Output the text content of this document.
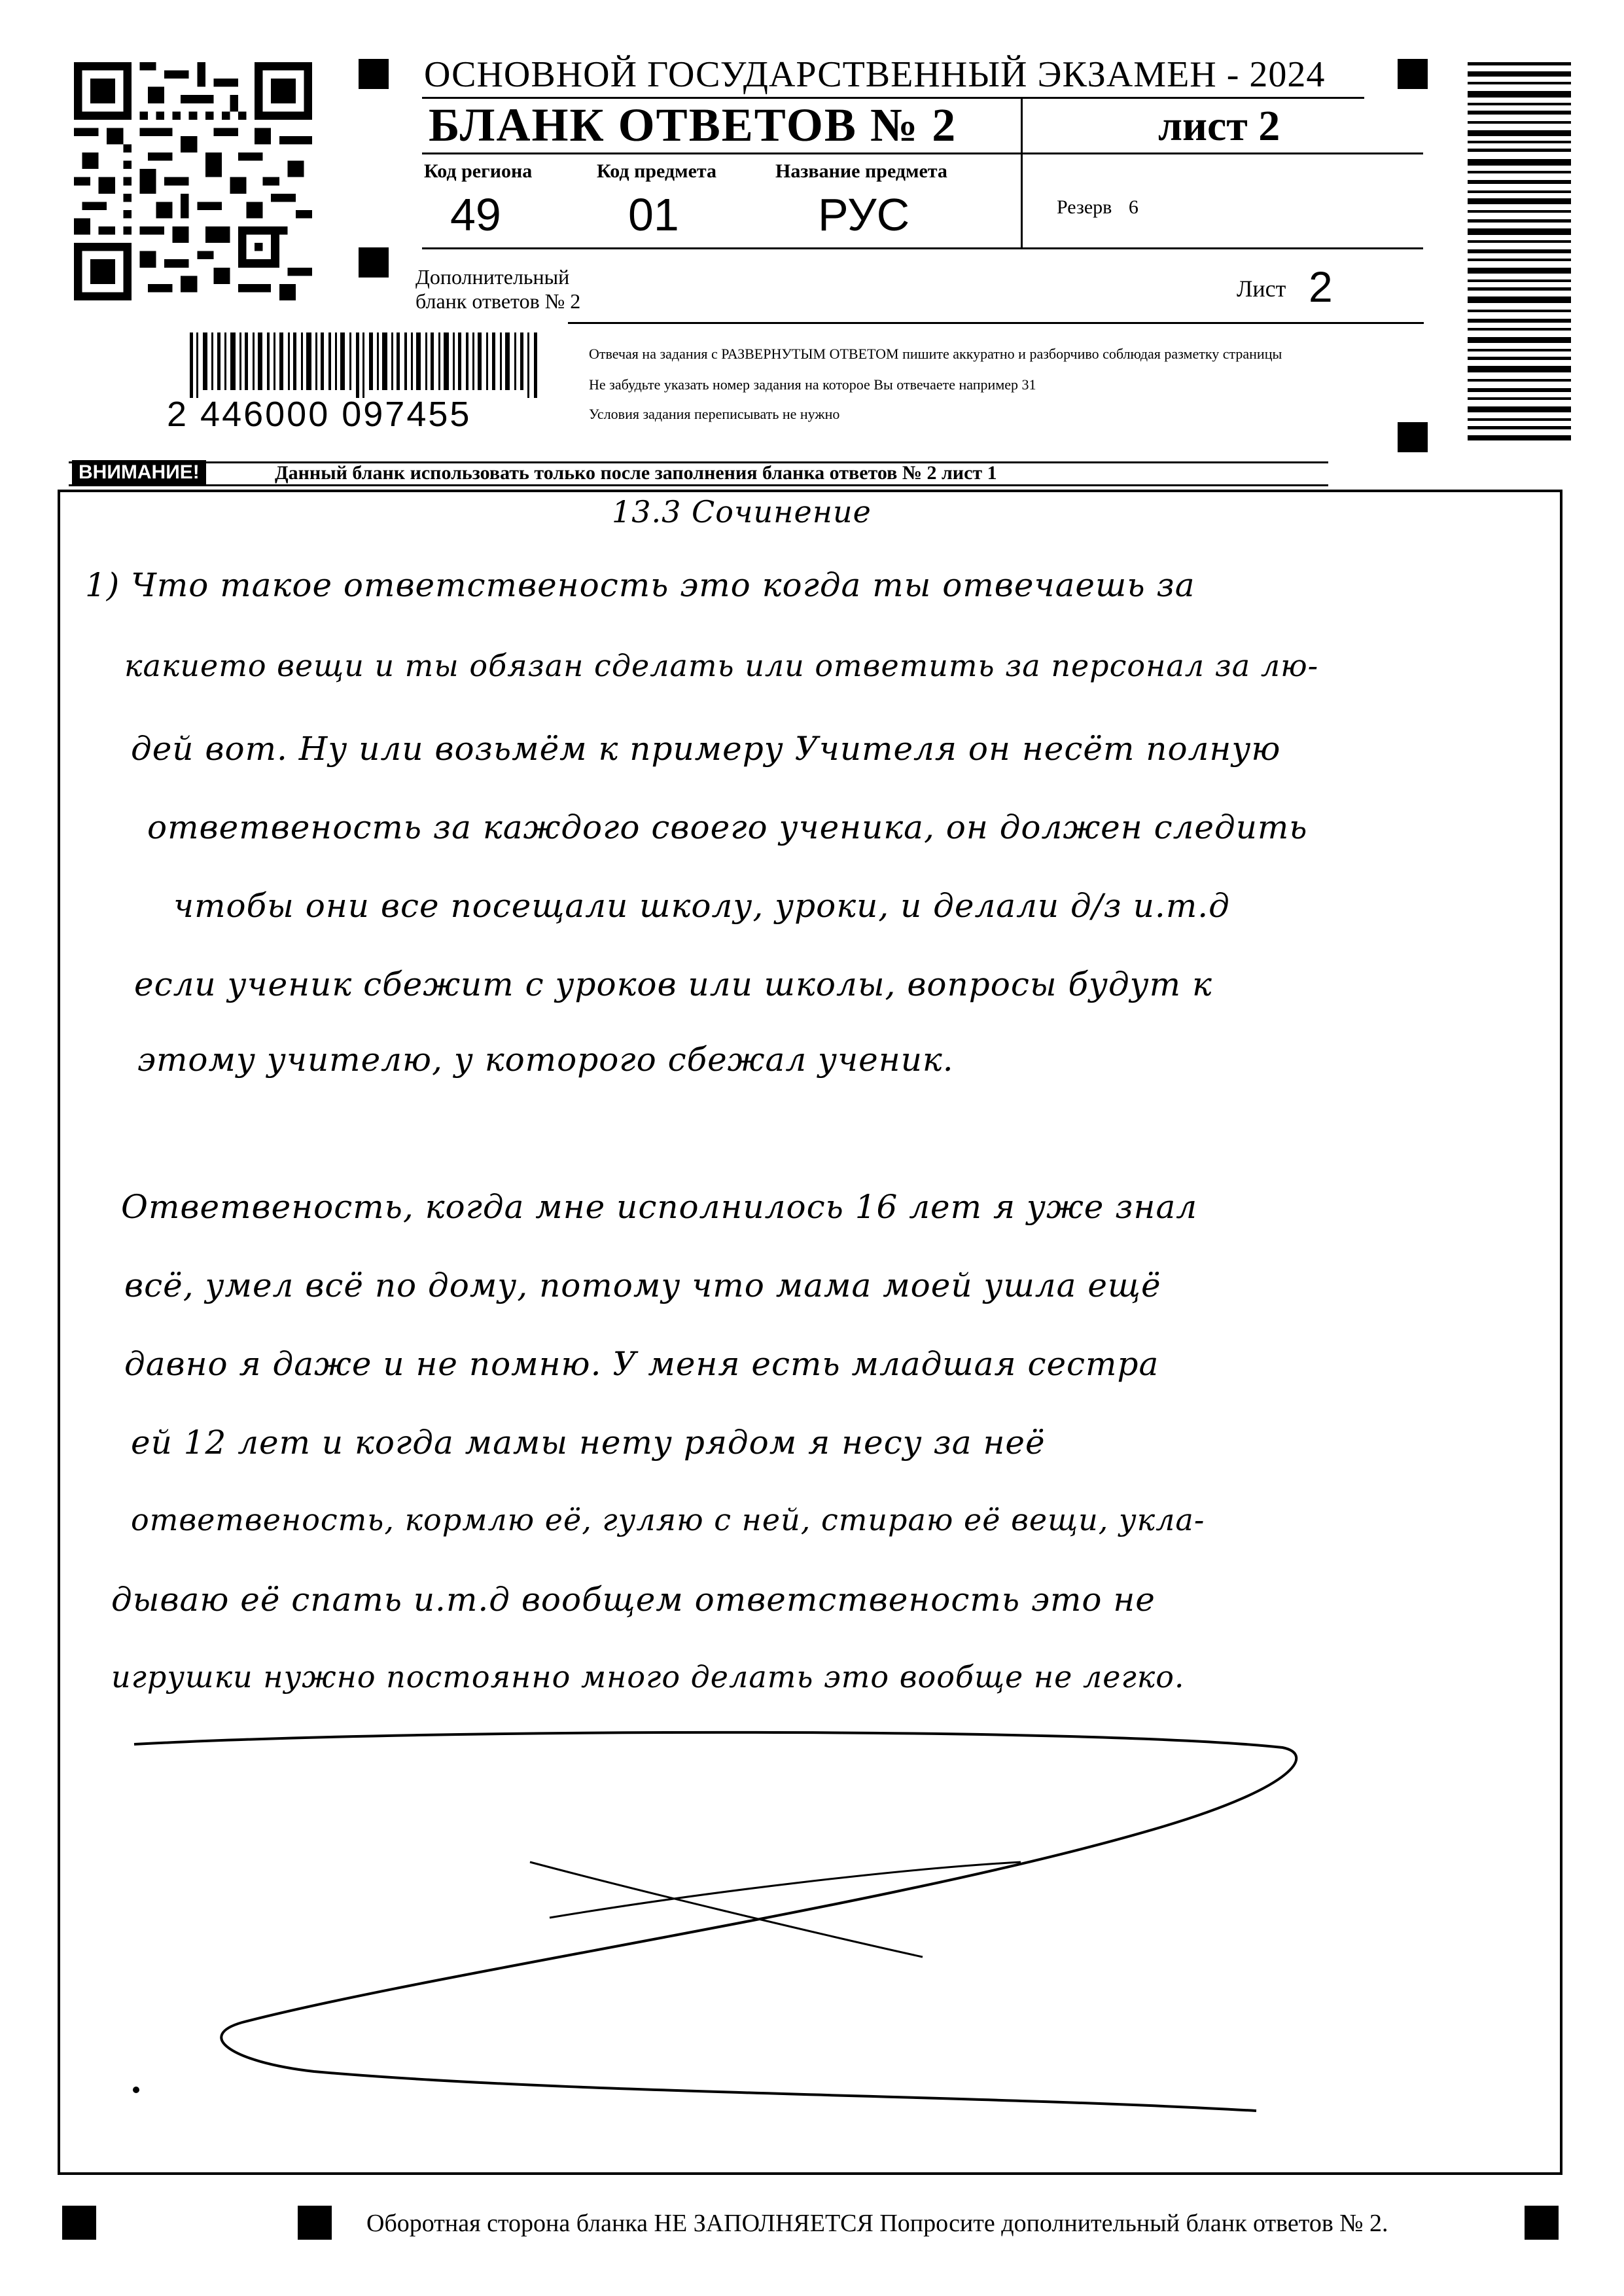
ОСНОВНОЙ ГОСУДАРСТВЕННЫЙ ЭКЗАМЕН - 2024
БЛАНК ОТВЕТОВ № 2	лист 2
Код региона
49
Код предмета
01
Название предмета
РУС	Резерв 6
Дополнительный
бланк ответов № 2	Лист 2
2 446000 097455
Отвечая на задания с РАЗВЕРНУТЫМ ОТВЕТОМ пишите аккуратно и разборчиво соблюдая разметку страницы
Не забудьте указать номер задания на которое Вы отвечаете например 31
Условия задания переписывать не нужно
ВНИМАНИЕ!	Данный бланк использовать только после заполнения бланка ответов № 2 лист 1
13.3 Сочинение
1) Что такое ответственость это когда ты отвечаешь за
какието вещи и ты обязан сделать или ответить за персонал за лю-
дей вот. Ну или возьмём к примеру Учителя он несёт полную
ответвеность за каждого своего ученика, он должен следить
чтобы они все посещали школу, уроки, и делали д/з и.т.д
если ученик сбежит с уроков или школы, вопросы будут к
этому учителю, у которого сбежал ученик.
Ответвеность, когда мне исполнилось 16 лет я уже знал
всё, умел всё по дому, потому что мама моей ушла ещё
давно я даже и не помню. У меня есть младшая сестра
ей 12 лет и когда мамы нету рядом я несу за неё
ответвеность, кормлю её, гуляю с ней, стираю её вещи, укла-
дываю её спать и.т.д вообщем ответственость это не
игрушки нужно постоянно много делать это вообще не легко.
Оборотная сторона бланка НЕ ЗАПОЛНЯЕТСЯ Попросите дополнительный бланк ответов № 2.
